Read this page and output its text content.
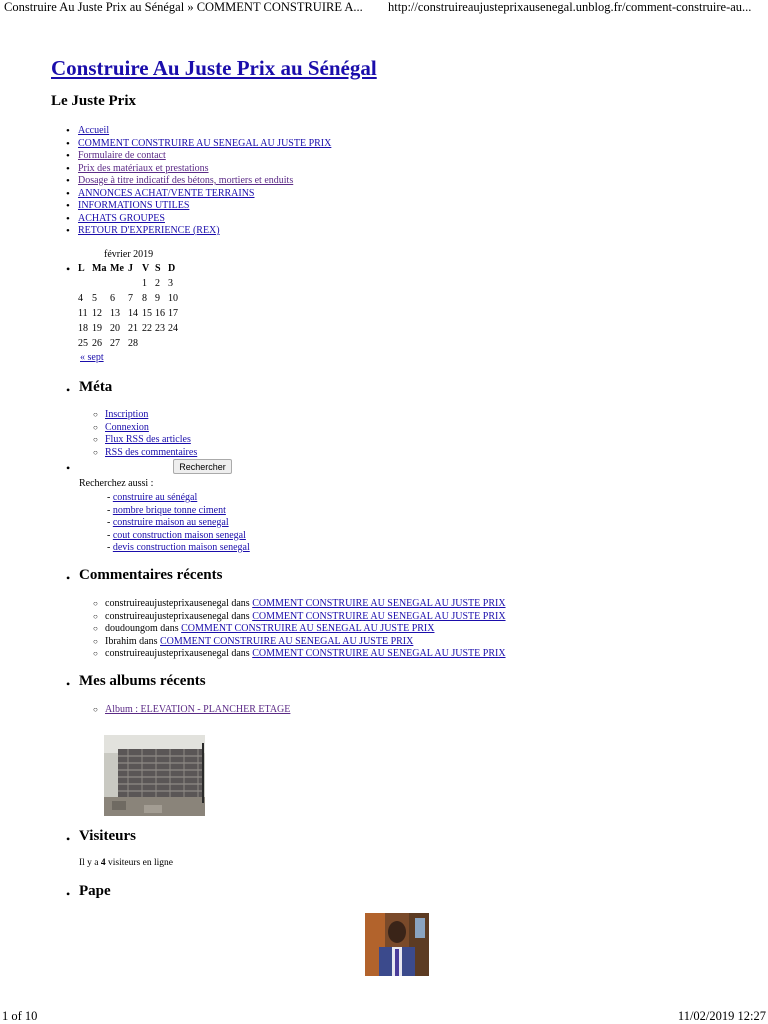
Construire Au Juste Prix au Sénégal » COMMENT CONSTRUIRE A... http://construireaujusteprixausenegal.unblog.fr/comment-construire-au...
Construire Au Juste Prix au Sénégal
Le Juste Prix
• Accueil
• COMMENT CONSTRUIRE AU SENEGAL AU JUSTE PRIX
• Formulaire de contact
• Prix des matériaux et prestations
• Dosage à titre indicatif des bétons, mortiers et enduits
• ANNONCES ACHAT/VENTE TERRAINS
• INFORMATIONS UTILES
• ACHATS GROUPES
• RETOUR D'EXPERIENCE (REX)
•
février 2019
L	Ma	Me	J	V	S	D
				1	2	3
4	5	6	7	8	9	10
11	12	13	14	15	16	17
18	19	20	21	22	23	24
25	26	27	28			
« sept
• Méta
○ Inscription
○ Connexion
○ Flux RSS des articles
○ RSS des commentaires
•	Rechercher
Recherchez aussi :
- construire au sénégal
- nombre brique tonne ciment
- construire maison au senegal
- cout construction maison senegal
- devis construction maison senegal
• Commentaires récents
○ construireaujusteprixausenegal dans COMMENT CONSTRUIRE AU SENEGAL AU JUSTE PRIX
○ construireaujusteprixausenegal dans COMMENT CONSTRUIRE AU SENEGAL AU JUSTE PRIX
○ doudoungom dans COMMENT CONSTRUIRE AU SENEGAL AU JUSTE PRIX
○ Ibrahim dans COMMENT CONSTRUIRE AU SENEGAL AU JUSTE PRIX
○ construireaujusteprixausenegal dans COMMENT CONSTRUIRE AU SENEGAL AU JUSTE PRIX
• Mes albums récents
○ Album : ELEVATION - PLANCHER ETAGE
• Visiteurs
Il y a 4 visiteurs en ligne
• Pape
1 of 10	11/02/2019 12:27
